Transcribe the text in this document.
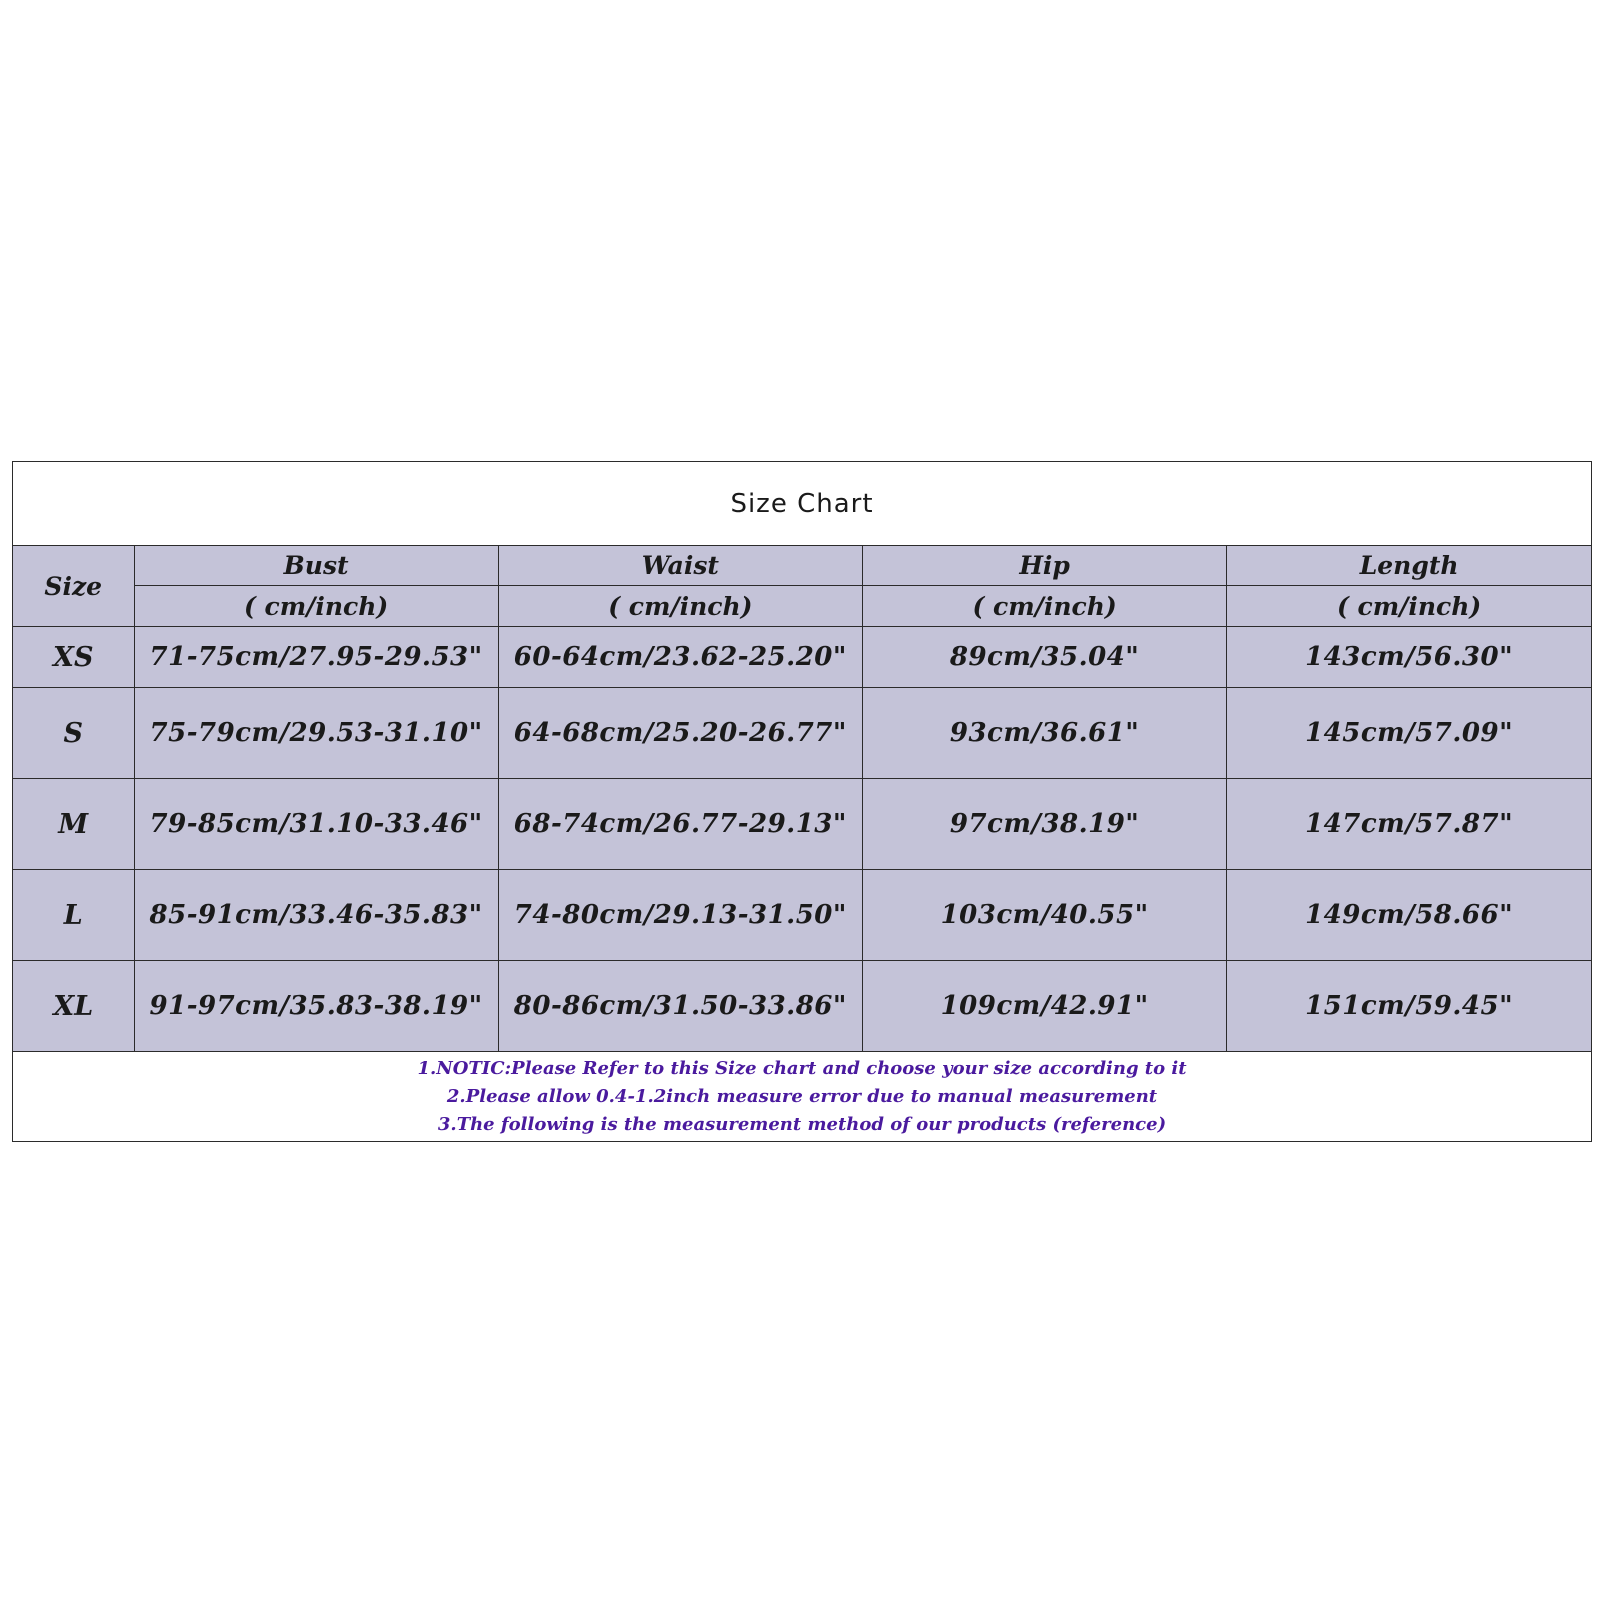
Size Chart
Size	Bust	Waist	Hip	Length
	( cm/inch)	( cm/inch)	( cm/inch)	( cm/inch)
XS	71-75cm/27.95-29.53"	60-64cm/23.62-25.20"	89cm/35.04"	143cm/56.30"
S	75-79cm/29.53-31.10"	64-68cm/25.20-26.77"	93cm/36.61"	145cm/57.09"
M	79-85cm/31.10-33.46"	68-74cm/26.77-29.13"	97cm/38.19"	147cm/57.87"
L	85-91cm/33.46-35.83"	74-80cm/29.13-31.50"	103cm/40.55"	149cm/58.66"
XL	91-97cm/35.83-38.19"	80-86cm/31.50-33.86"	109cm/42.91"	151cm/59.45"
1.NOTIC:Please Refer to this Size chart and choose your size according to it
2.Please allow 0.4-1.2inch measure error due to manual measurement
3.The following is the measurement method of our products (reference)
